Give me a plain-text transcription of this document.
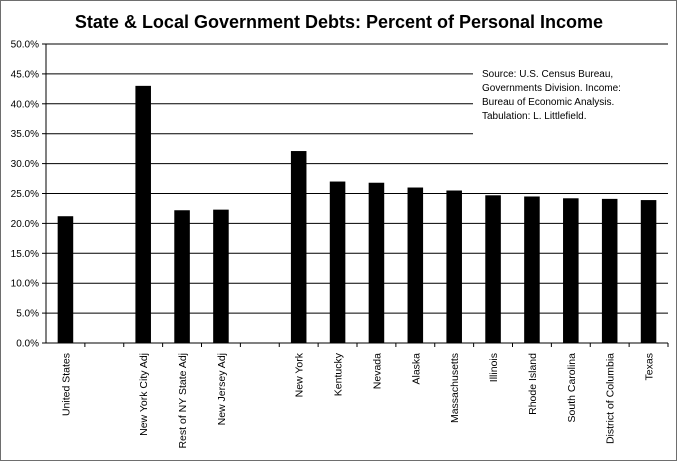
State & Local Government Debts: Percent of Personal Income
0.0%
5.0%
10.0%
15.0%
20.0%
25.0%
30.0%
35.0%
40.0%
45.0%
50.0%
United States	New York City Adj	Rest of NY State Adj	New Jersey Adj	New York	Kentucky	Nevada	Alaska	Massachusetts	Illinois	Rhode Island	South Carolina	District of Columbia	Texas
Source: U.S. Census Bureau,
Governments Division. Income:
Bureau of Economic Analysis.
Tabulation: L. Littlefield.
